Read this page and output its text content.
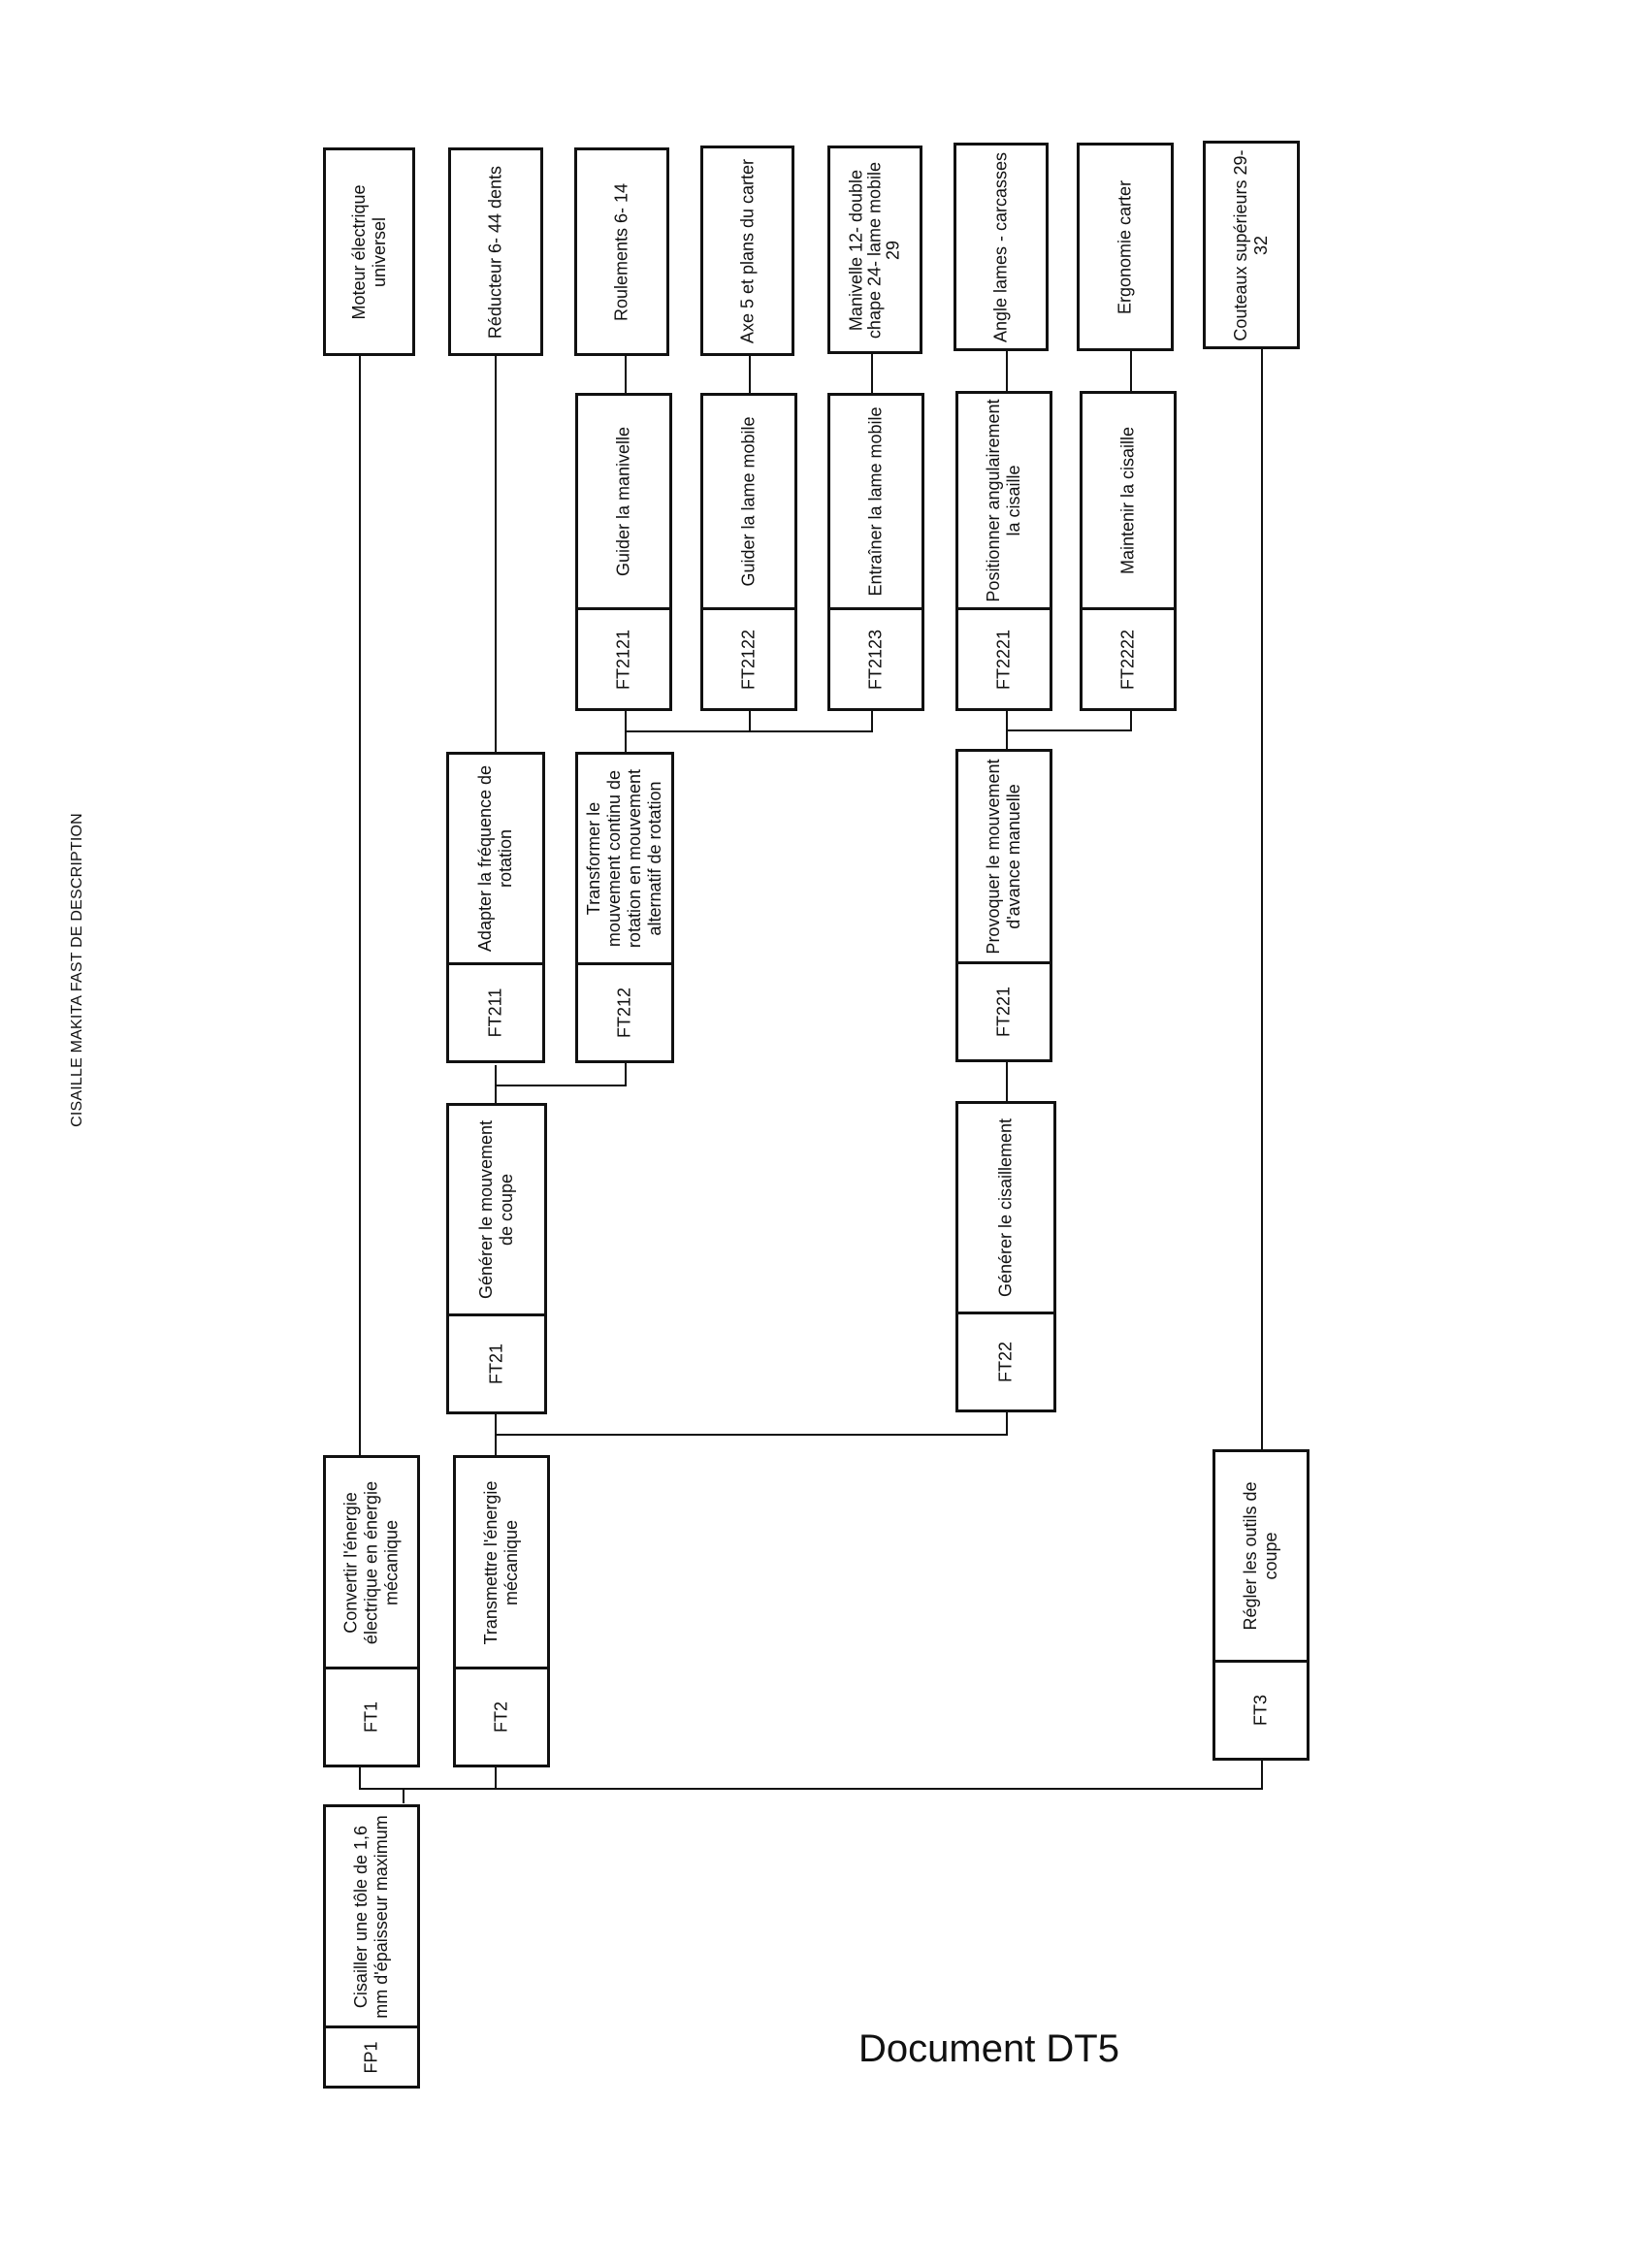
CISAILLE MAKITA FAST DE DESCRIPTION
Document DT5
Cisailler une tôle de 1,6 mm d'épaisseur maximum
FP1
Convertir l'énergie électrique en énergie mécanique
FT1
Transmettre l'énergie mécanique
FT2
Régler les outils de coupe
FT3
Générer le mouvement de coupe
FT21
Générer le cisaillement
FT22
Adapter la fréquence de rotation
FT211
Transformer le mouvement continu de rotation en mouvement alternatif de rotation
FT212
Provoquer le mouvement d'avance manuelle
FT221
Guider la manivelle
FT2121
Guider la lame mobile
FT2122
Entraîner la lame mobile
FT2123
Positionner angulairement la cisaille
FT2221
Maintenir la cisaille
FT2222
Moteur électrique universel	Réducteur 6- 44 dents	Roulements 6- 14	Axe 5 et plans du carter	Manivelle 12- double chape 24- lame mobile 29	Angle lames - carcasses	Ergonomie carter	Couteaux supérieurs 29- 32
